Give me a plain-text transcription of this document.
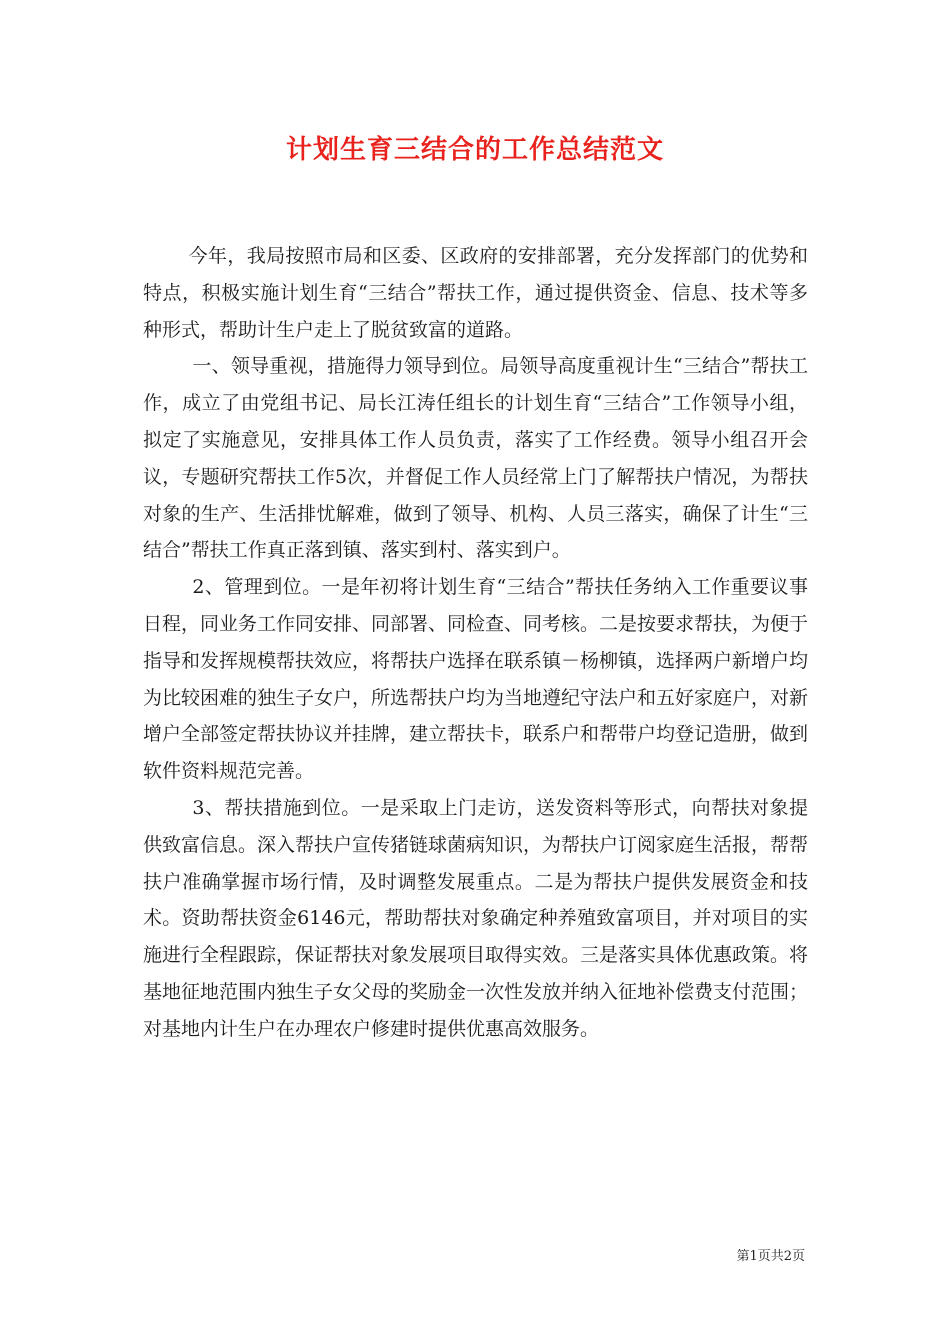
计划生育三结合的工作总结范文

今年，我局按照市局和区委、区政府的安排部署，充分发挥部门的优势和特点，积极实施计划生育“三结合”帮扶工作，通过提供资金、信息、技术等多种形式，帮助计生户走上了脱贫致富的道路。

一、领导重视，措施得力领导到位。局领导高度重视计生“三结合”帮扶工作，成立了由党组书记、局长江涛任组长的计划生育“三结合”工作领导小组，拟定了实施意见，安排具体工作人员负责，落实了工作经费。领导小组召开会议，专题研究帮扶工作5次，并督促工作人员经常上门了解帮扶户情况，为帮扶对象的生产、生活排忧解难，做到了领导、机构、人员三落实，确保了计生“三结合”帮扶工作真正落到镇、落实到村、落实到户。

2、管理到位。一是年初将计划生育“三结合”帮扶任务纳入工作重要议事日程，同业务工作同安排、同部署、同检查、同考核。二是按要求帮扶，为便于指导和发挥规模帮扶效应，将帮扶户选择在联系镇－杨柳镇，选择两户新增户均为比较困难的独生子女户，所选帮扶户均为当地遵纪守法户和五好家庭户，对新增户全部签定帮扶协议并挂牌，建立帮扶卡，联系户和帮带户均登记造册，做到软件资料规范完善。

3、帮扶措施到位。一是采取上门走访，送发资料等形式，向帮扶对象提供致富信息。深入帮扶户宣传猪链球菌病知识，为帮扶户订阅家庭生活报，帮帮扶户准确掌握市场行情，及时调整发展重点。二是为帮扶户提供发展资金和技术。资助帮扶资金6146元，帮助帮扶对象确定种养殖致富项目，并对项目的实施进行全程跟踪，保证帮扶对象发展项目取得实效。三是落实具体优惠政策。将基地征地范围内独生子女父母的奖励金一次性发放并纳入征地补偿费支付范围；对基地内计生户在办理农户修建时提供优惠高效服务。

第1页共2页
